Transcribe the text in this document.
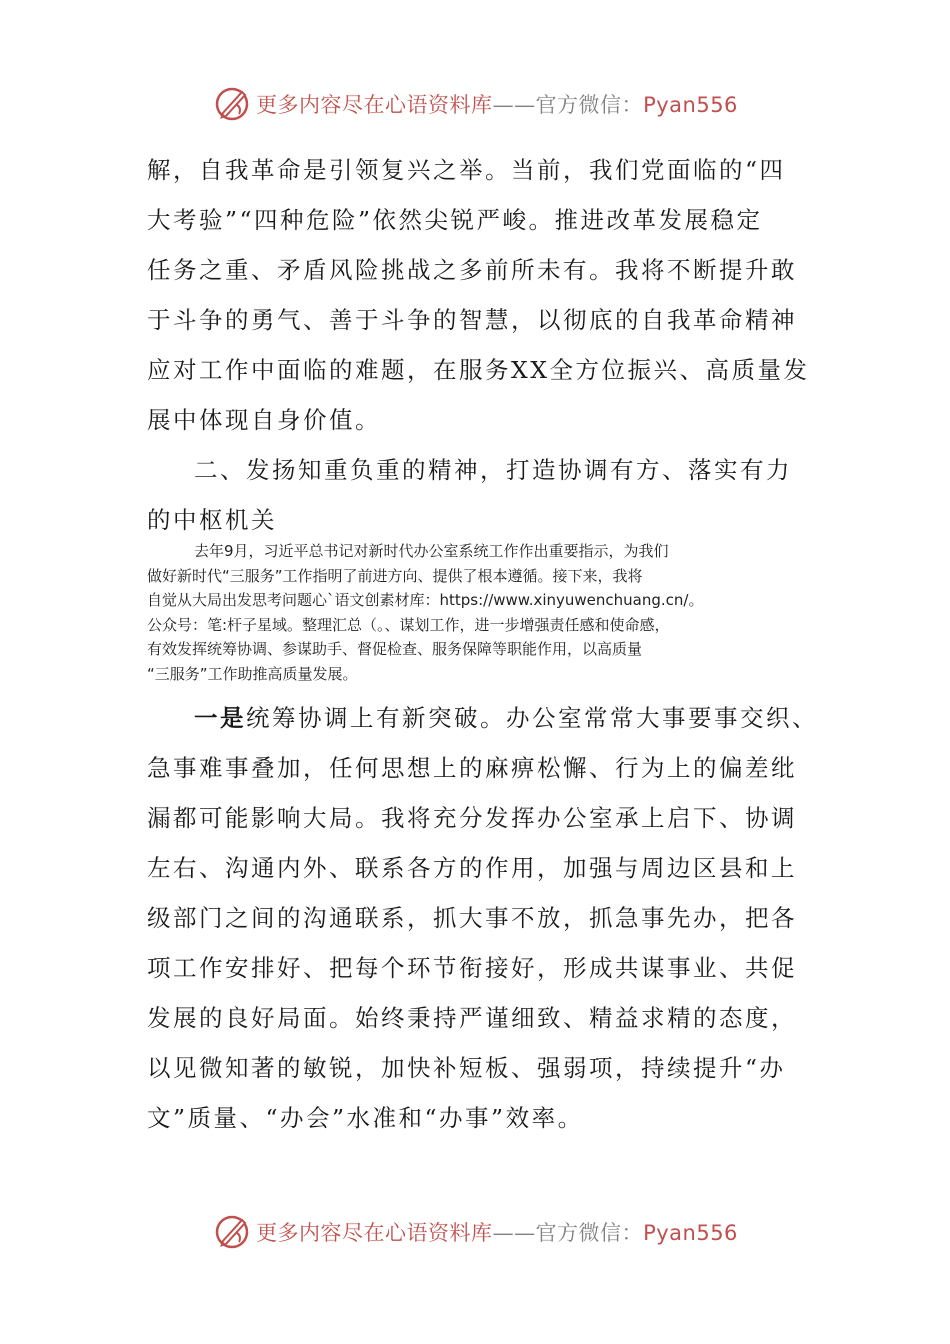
更多内容尽在心语资料库——官方微信：Pyan556
解，自我革命是引领复兴之举。当前，我们党面临的“四
大考验”“四种危险”依然尖锐严峻。推进改革发展稳定
任务之重、矛盾风险挑战之多前所未有。我将不断提升敢
于斗争的勇气、善于斗争的智慧，以彻底的自我革命精神
应对工作中面临的难题，在服务XX全方位振兴、高质量发
展中体现自身价值。
二、发扬知重负重的精神，打造协调有方、落实有力
的中枢机关
去年9月，习近平总书记对新时代办公室系统工作作出重要指示，为我们
做好新时代“三服务”工作指明了前进方向、提供了根本遵循。接下来，我将
自觉从大局出发思考问题心`语文创素材库：https://www.xinyuwenchuang.cn/。
公众号：笔:杆子星域。整理汇总（。、谋划工作，进一步增强责任感和使命感，
有效发挥统筹协调、参谋助手、督促检查、服务保障等职能作用，以高质量
“三服务”工作助推高质量发展。
一是统筹协调上有新突破。办公室常常大事要事交织、
急事难事叠加，任何思想上的麻痹松懈、行为上的偏差纰
漏都可能影响大局。我将充分发挥办公室承上启下、协调
左右、沟通内外、联系各方的作用，加强与周边区县和上
级部门之间的沟通联系，抓大事不放，抓急事先办，把各
项工作安排好、把每个环节衔接好，形成共谋事业、共促
发展的良好局面。始终秉持严谨细致、精益求精的态度，
以见微知著的敏锐，加快补短板、强弱项，持续提升“办
文”质量、“办会”水准和“办事”效率。
更多内容尽在心语资料库——官方微信：Pyan556
